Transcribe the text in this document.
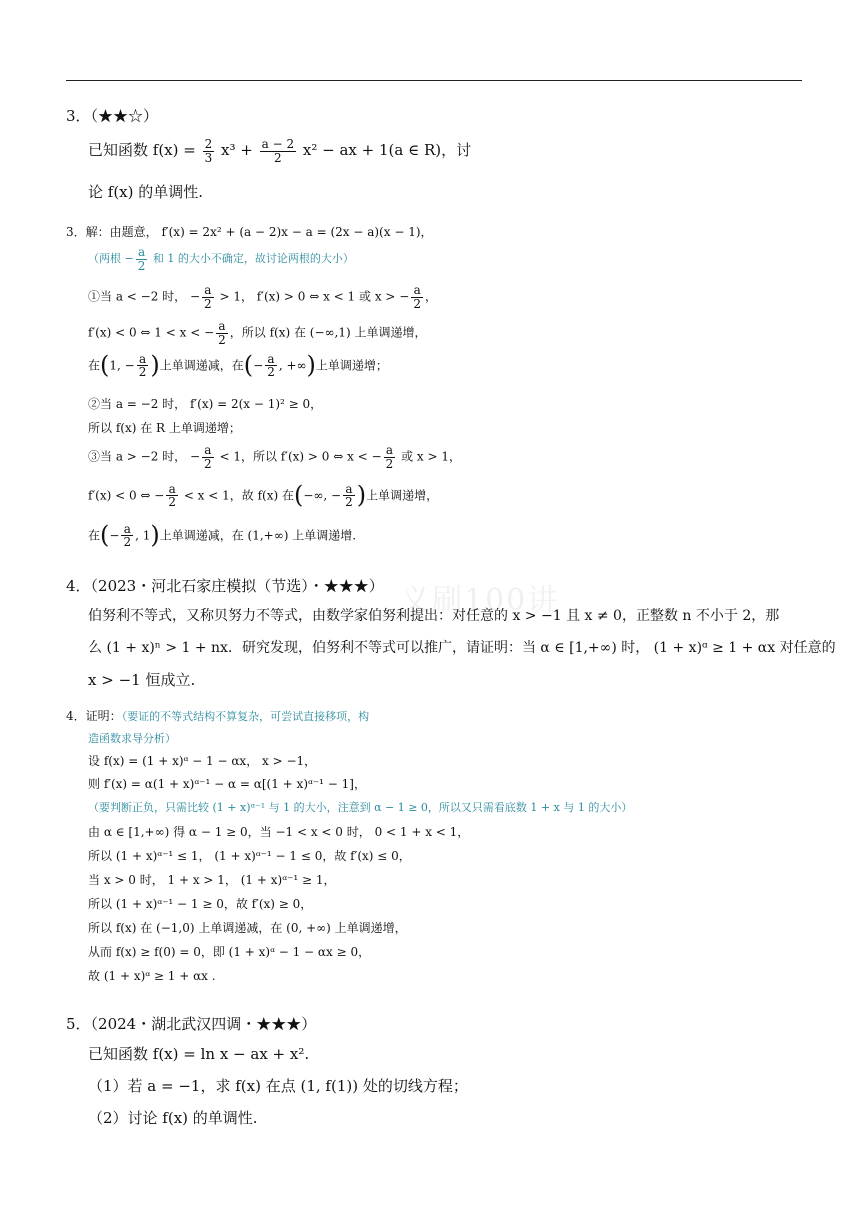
义刷100讲
3．（★★☆）
已知函数 $f(x) = \frac{2}{3} x^3 + \frac{a - 2}{2} x^2$ − ax + 1(a ∈ R)，讨
论 f(x) 的单调性.
3．解：由题意， f′(x) = 2x² + (a − 2)x − a = (2x − a)(x − 1)，
（两根 − $\frac{a}{2}$ 和 1 的大小不确定，故讨论两根的大小）
①当 a < −2 时， − $\frac{a}{2} > 1$， f′(x) > 0 ⇔ x < 1 或 x > − $\frac{a}{2}$ ，
f′(x) < 0 ⇔ 1 < x < − $\frac{a}{2}$ ，所以 f(x) 在 (−∞,1) 上单调递增，
在(1, − $\frac{a}{2}$ )上单调递减，在(− $\frac{a}{2}$ , +∞)上单调递增；
②当 a = −2 时， f′(x) = 2(x − 1)² ≥ 0，
所以 f(x) 在 R 上单调递增；
③当 a > −2 时， − $\frac{a}{2} < 1$，所以 f′(x) > 0 ⇔ x < − $\frac{a}{2}$ 或 x > 1，
f′(x) < 0 ⇔ − $\frac{a}{2} < x < 1$，故 f(x) 在(−∞, − $\frac{a}{2}$ )上单调递增，
在(− $\frac{a}{2}$ , 1)上单调递减，在 (1,+∞) 上单调递增.
4．（2023・河北石家庄模拟（节选）・★★★）
伯努利不等式，又称贝努力不等式，由数学家伯努利提出：对任意的 x > −1 且 x ≠ 0，正整数 n 不小于 2，那
么 (1 + x)ⁿ > 1 + nx．研究发现，伯努利不等式可以推广，请证明：当 α ∈ [1,+∞) 时， (1 + x)ᵅ ≥ 1 + αx 对任意的
x > −1 恒成立.
4．证明：（要证的不等式结构不算复杂，可尝试直接移项，构
造函数求导分析）
设 f(x) = (1 + x)ᵅ − 1 − αx， x > −1，
则 f′(x) = α(1 + x)ᵅ⁻¹ − α = α[(1 + x)ᵅ⁻¹ − 1]，
（要判断正负，只需比较 (1 + x)ᵅ⁻¹ 与 1 的大小，注意到 α − 1 ≥ 0，所以又只需看底数 1 + x 与 1 的大小）
由 α ∈ [1,+∞) 得 α − 1 ≥ 0，当 −1 < x < 0 时， 0 < 1 + x < 1，
所以 (1 + x)ᵅ⁻¹ ≤ 1， (1 + x)ᵅ⁻¹ − 1 ≤ 0，故 f′(x) ≤ 0，
当 x > 0 时， 1 + x > 1， (1 + x)ᵅ⁻¹ ≥ 1，
所以 (1 + x)ᵅ⁻¹ − 1 ≥ 0，故 f′(x) ≥ 0，
所以 f(x) 在 (−1,0) 上单调递减，在 (0, +∞) 上单调递增，
从而 f(x) ≥ f(0) = 0，即 (1 + x)ᵅ − 1 − αx ≥ 0，
故 (1 + x)ᵅ ≥ 1 + αx .
5．（2024・湖北武汉四调・★★★）
已知函数 f(x) = ln x − ax + x².
（1）若 a = −1，求 f(x) 在点 (1, f(1)) 处的切线方程；
（2）讨论 f(x) 的单调性.
